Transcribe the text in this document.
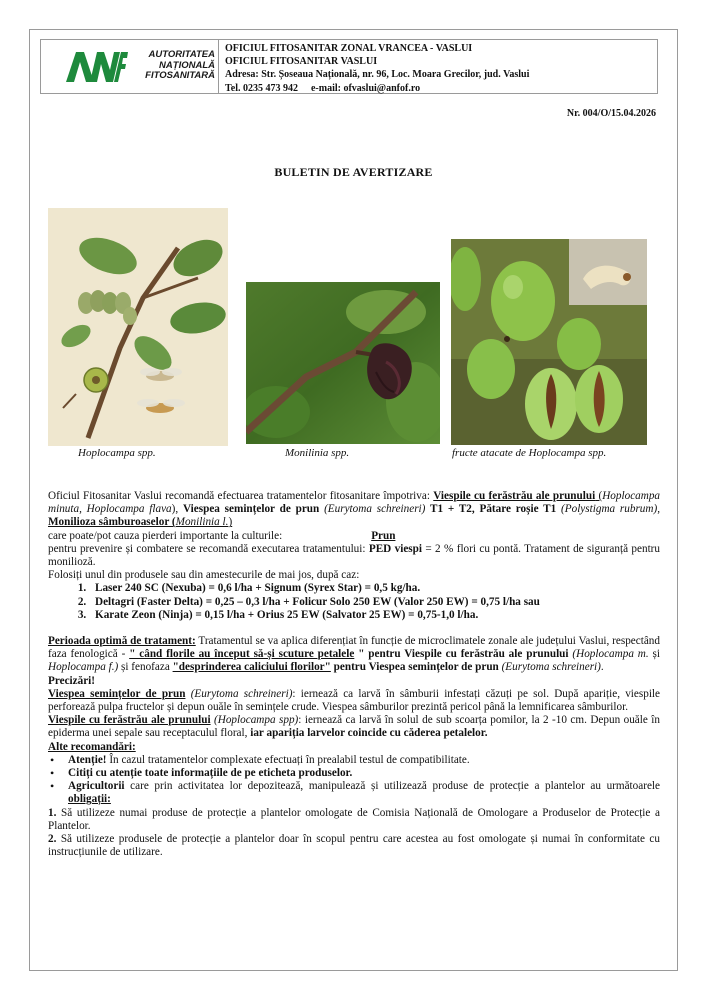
ANF
AUTORITATEA
NAȚIONALĂ
FITOSANITARĂ
OFICIUL FITOSANITAR ZONAL VRANCEA - VASLUI
OFICIUL FITOSANITAR VASLUI
Adresa: Str. Șoseaua Națională, nr. 96, Loc. Moara Grecilor, jud. Vaslui
Tel. 0235 473 942 e-mail: ofvaslui@anfof.ro
Nr. 004/O/15.04.2026
BULETIN DE AVERTIZARE
Hoplocampa spp.	Monilinia spp.	fructe atacate de Hoplocampa spp.

Oficiul Fitosanitar Vaslui recomandă efectuarea tratamentelor fitosanitare împotriva: Viespile cu ferăstrău ale prunului (Hoplocampa minuta, Hoplocampa flava), Viespea semințelor de prun (Eurytoma schreineri) T1 + T2, Pătare roșie T1 (Polystigma rubrum), Monilioza sâmburoaselor (Monilinia l.)

care poate/pot cauza pierderi importante la culturile:	Prun

pentru prevenire și combatere se recomandă executarea tratamentului: PED viespi = 2 % flori cu pontă. Tratament de siguranță pentru monilioză.

Folosiți unul din produsele sau din amestecurile de mai jos, după caz:

1. Laser 240 SC (Nexuba) = 0,6 l/ha + Signum (Syrex Star) = 0,5 kg/ha.
2. Deltagri (Faster Delta) = 0,25 – 0,3 l/ha + Folicur Solo 250 EW (Valor 250 EW) = 0,75 l/ha sau
3. Karate Zeon (Ninja) = 0,15 l/ha + Orius 25 EW (Salvator 25 EW) = 0,75-1,0 l/ha.

Perioada optimă de tratament: Tratamentul se va aplica diferențiat în funcție de microclimatele zonale ale județului Vaslui, respectând faza fenologică - " când florile au început să-și scuture petalele " pentru Viespile cu ferăstrău ale prunului (Hoplocampa m. și Hoplocampa f.) și fenofaza "desprinderea caliciului florilor" pentru Viespea semințelor de prun (Eurytoma schreineri).

Precizări!

Viespea semințelor de prun (Eurytoma schreineri): iernează ca larvă în sâmburii infestați căzuți pe sol. După apariție, viespile perforează pulpa fructelor și depun ouăle în semințele crude. Viespea sâmburilor prezintă pericol până la lemnificarea sâmburilor.

Viespile cu ferăstrău ale prunului (Hoplocampa spp): iernează ca larvă în solul de sub scoarța pomilor, la 2 -10 cm. Depun ouăle în epiderma unei sepale sau receptaculul floral, iar apariția larvelor coincide cu căderea petalelor.

Alte recomandări:

• Atenție! În cazul tratamentelor complexate efectuați în prealabil testul de compatibilitate.
• Citiți cu atenție toate informațiile de pe eticheta produselor.
• Agricultorii care prin activitatea lor depozitează, manipulează și utilizează produse de protecție a plantelor au următoarele obligații:

1. Să utilizeze numai produse de protecție a plantelor omologate de Comisia Națională de Omologare a Produselor de Protecție a Plantelor.

2. Să utilizeze produsele de protecție a plantelor doar în scopul pentru care acestea au fost omologate și numai în conformitate cu instrucțiunile de utilizare.
